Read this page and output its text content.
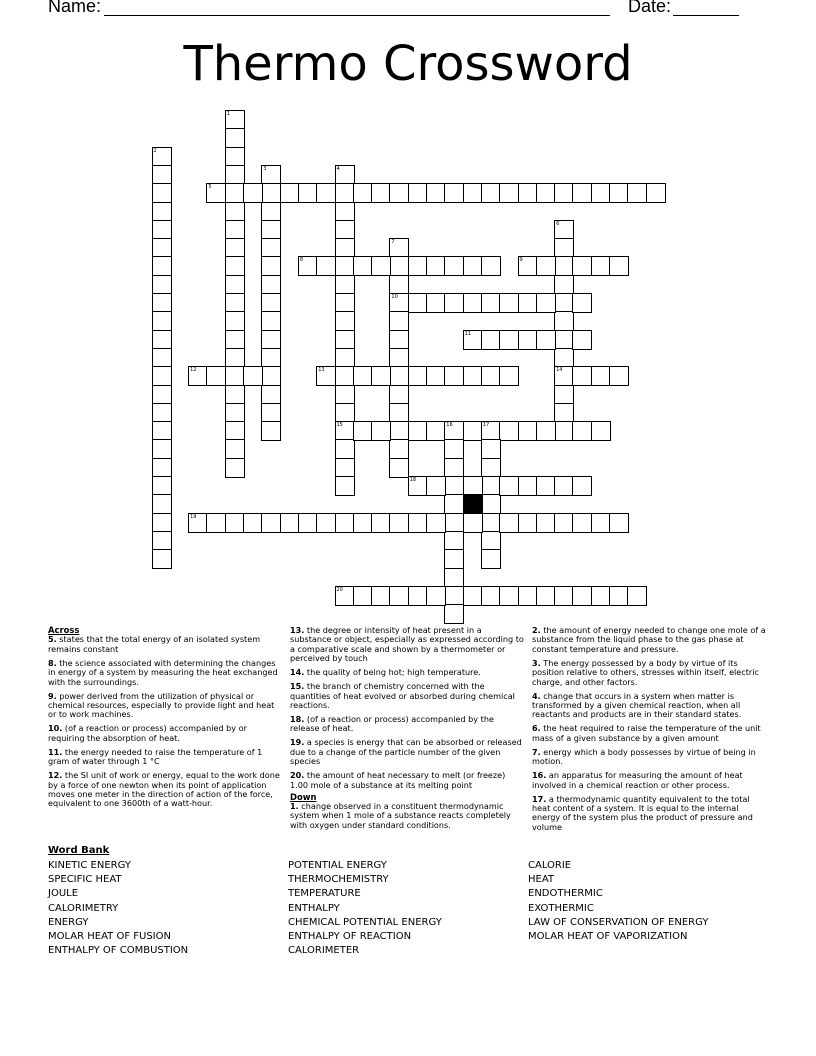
Name:	Date:
Thermo Crossword
1
2
3	4
15
5
6
14
7
10
8	9
11
12	13
16	17
18
19
20
Across
5. states that the total energy of an isolated system remains constant
8. the science associated with determining the changes in energy of a system by measuring the heat exchanged with the surroundings.
9. power derived from the utilization of physical or chemical resources, especially to provide light and heat or to work machines.
10. (of a reaction or process) accompanied by or requiring the absorption of heat.
11. the energy needed to raise the temperature of 1 gram of water through 1 °C
12. the SI unit of work or energy, equal to the work done by a force of one newton when its point of application moves one meter in the direction of action of the force, equivalent to one 3600th of a watt-hour.
13. the degree or intensity of heat present in a substance or object, especially as expressed according to a comparative scale and shown by a thermometer or perceived by touch
14. the quality of being hot; high temperature.
15. the branch of chemistry concerned with the quantities of heat evolved or absorbed during chemical reactions.
18. (of a reaction or process) accompanied by the release of heat.
19. a species is energy that can be absorbed or released due to a change of the particle number of the given species
20. the amount of heat necessary to melt (or freeze) 1.00 mole of a substance at its melting point
Down
1. change observed in a constituent thermodynamic system when 1 mole of a substance reacts completely with oxygen under standard conditions.
2. the amount of energy needed to change one mole of a substance from the liquid phase to the gas phase at constant temperature and pressure.
3. The energy possessed by a body by virtue of its position relative to others, stresses within itself, electric charge, and other factors.
4. change that occurs in a system when matter is transformed by a given chemical reaction, when all reactants and products are in their standard states.
6. the heat required to raise the temperature of the unit mass of a given substance by a given amount
7. energy which a body possesses by virtue of being in motion.
16. an apparatus for measuring the amount of heat involved in a chemical reaction or other process.
17. a thermodynamic quantity equivalent to the total heat content of a system. It is equal to the internal energy of the system plus the product of pressure and volume
Word Bank
KINETIC ENERGY
SPECIFIC HEAT
JOULE
CALORIMETRY
ENERGY
MOLAR HEAT OF FUSION
ENTHALPY OF COMBUSTION
POTENTIAL ENERGY
THERMOCHEMISTRY
TEMPERATURE
ENTHALPY
CHEMICAL POTENTIAL ENERGY
ENTHALPY OF REACTION
CALORIMETER
CALORIE
HEAT
ENDOTHERMIC
EXOTHERMIC
LAW OF CONSERVATION OF ENERGY
MOLAR HEAT OF VAPORIZATION
